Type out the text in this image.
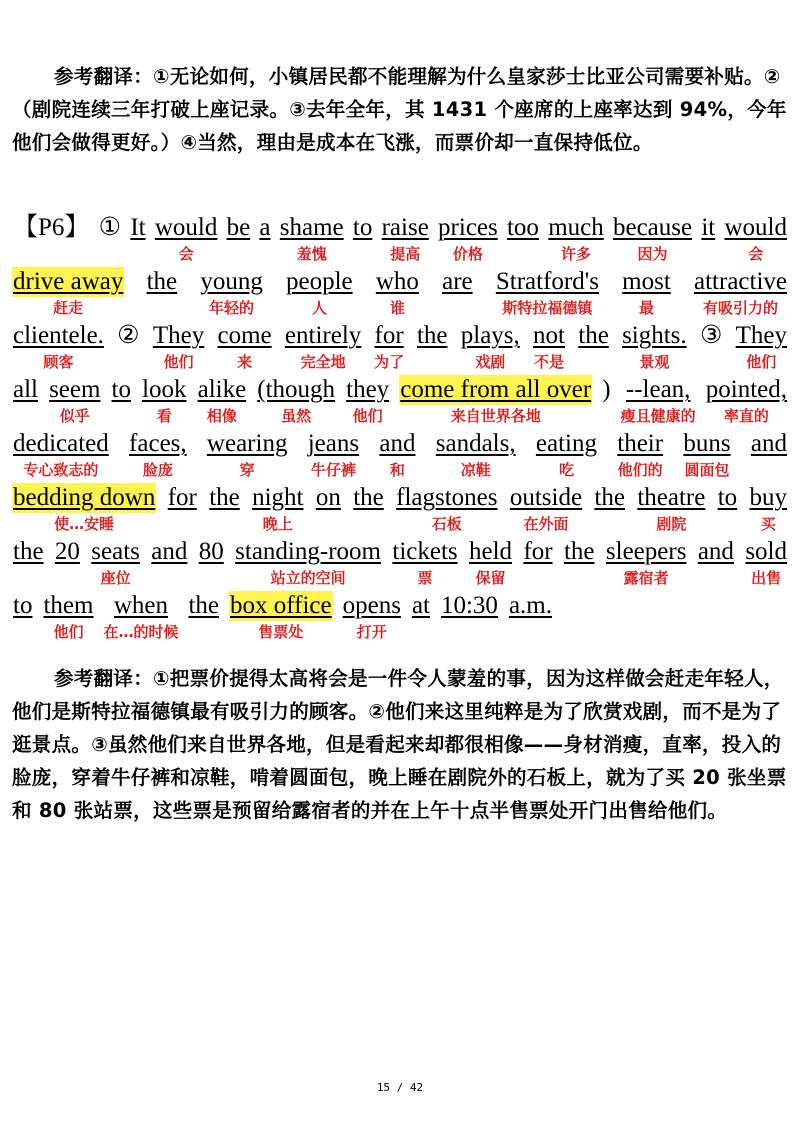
参考翻译：①无论如何，小镇居民都不能理解为什么皇家莎士比亚公司需要补贴。②（剧院连续三年打破上座记录。③去年全年，其 1431 个座席的上座率达到 94%，今年他们会做得更好。）④当然，理由是成本在飞涨，而票价却一直保持低位。

【P6】
①
It
would
会
be
a
shame
羞愧
to
raise
提高
prices
价格
too
much
许多
because
因为
it
would
会
drive away
赶走
the
young
年轻的
people
人
who
谁
are
Stratford's
斯特拉福德镇
most
最
attractive
有吸引力的
clientele.
顾客
②
They
他们
come
来
entirely
完全地
for
为了
the
plays,
戏剧
not
不是
the
sights.
景观
③
They
他们
all
seem
似乎
to
look
看
alike
相像
(though
虽然
they
他们
come from all over
来自世界各地
)
--lean,
瘦且健康的
pointed,
率直的
dedicated
专心致志的
faces,
脸庞
wearing
穿
jeans
牛仔裤
and
和
sandals,
凉鞋
eating
吃
their
他们的
buns
圆面包
and

bedding down
使…安睡
for
the
night
晚上
on
the
flagstones
石板
outside
在外面
the
theatre
剧院
to
buy
买
the
20
seats
座位
and
80
standing-room
站立的空间
tickets
票
held
保留
for
the
sleepers
露宿者
and
sold
出售
to
them
他们
when
在…的时候
the
box office
售票处
opens
打开
at
10:30
a.m.

参考翻译：①把票价提得太高将会是一件令人蒙羞的事，因为这样做会赶走年轻人，他们是斯特拉福德镇最有吸引力的顾客。②他们来这里纯粹是为了欣赏戏剧，而不是为了逛景点。③虽然他们来自世界各地，但是看起来却都很相像——身材消瘦，直率，投入的脸庞，穿着牛仔裤和凉鞋，啃着圆面包，晚上睡在剧院外的石板上，就为了买 20 张坐票和 80 张站票，这些票是预留给露宿者的并在上午十点半售票处开门出售给他们。

15 / 42
